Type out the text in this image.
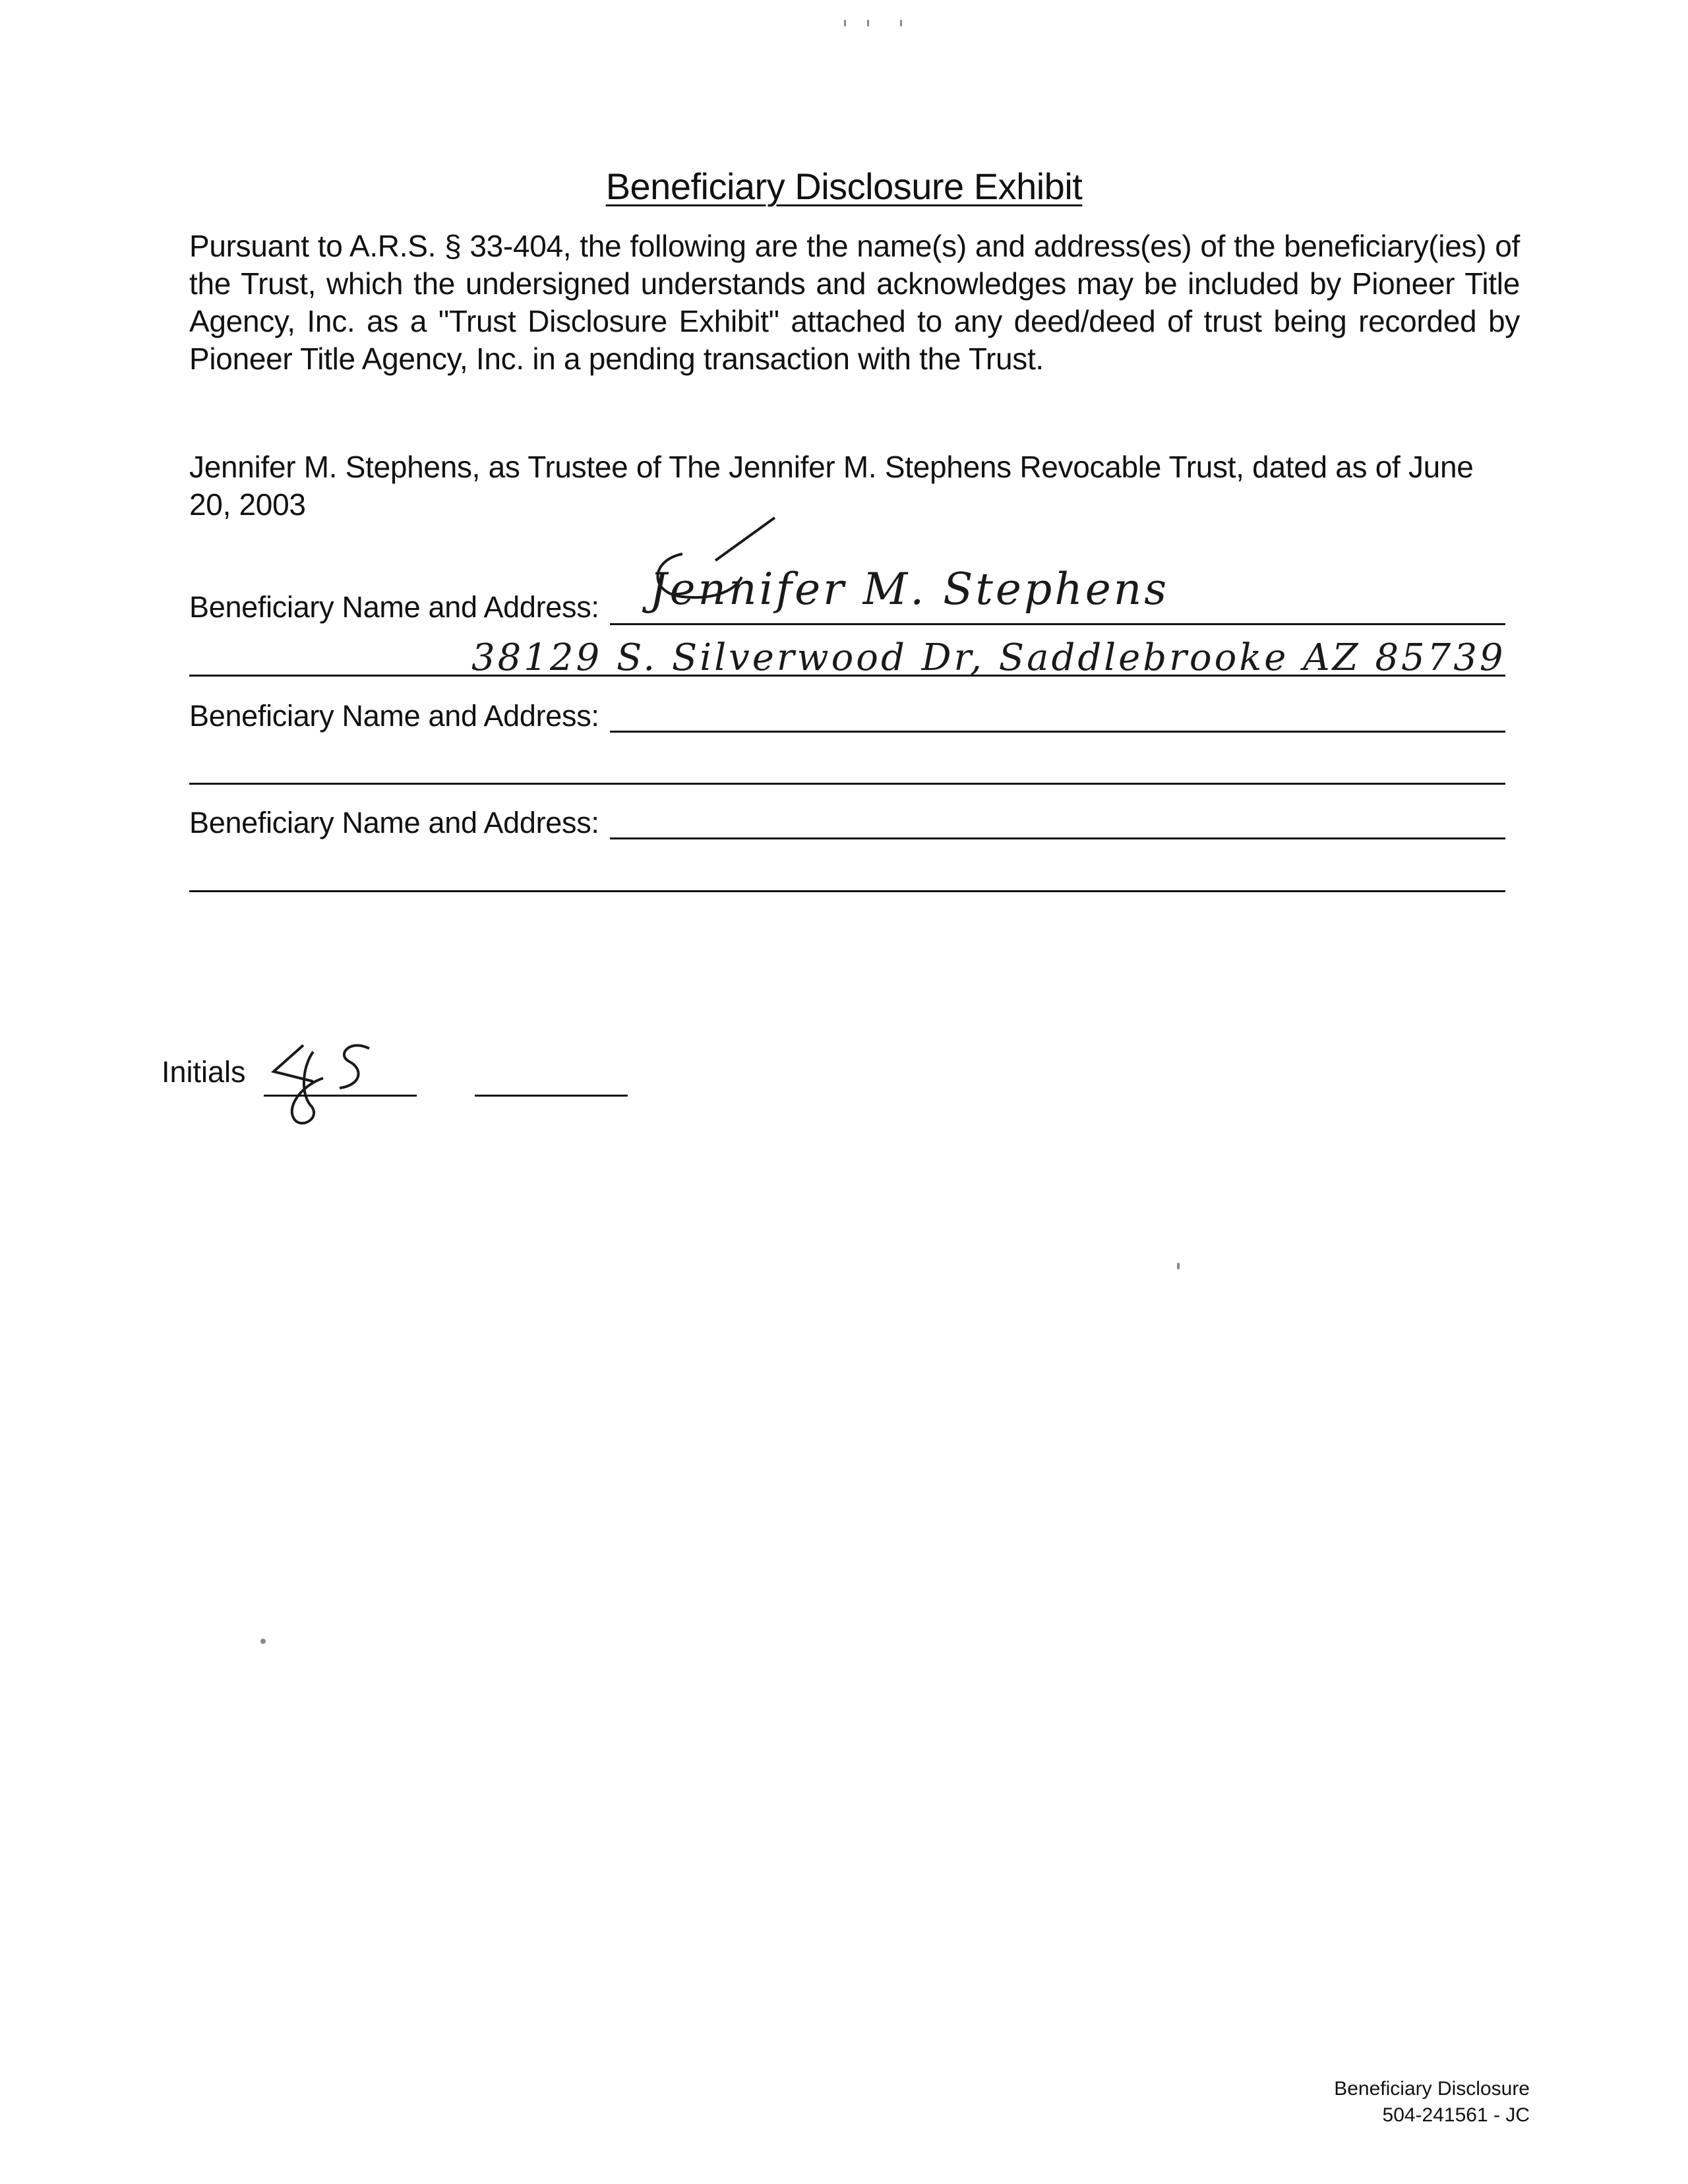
Beneficiary Disclosure Exhibit
Pursuant to A.R.S. § 33-404, the following are the name(s) and address(es) of the beneficiary(ies) of the Trust, which the undersigned understands and acknowledges may be included by Pioneer Title Agency, Inc. as a "Trust Disclosure Exhibit" attached to any deed/deed of trust being recorded by Pioneer Title Agency, Inc. in a pending transaction with the Trust.
Jennifer M. Stephens, as Trustee of The Jennifer M. Stephens Revocable Trust, dated as of June 20, 2003
Beneficiary Name and Address: Jennifer M. Stephens
38129 S. Silverwood Dr, Saddlebrooke AZ 85739
Beneficiary Name and Address:
Beneficiary Name and Address:
Initials
Beneficiary Disclosure
504-241561 - JC
